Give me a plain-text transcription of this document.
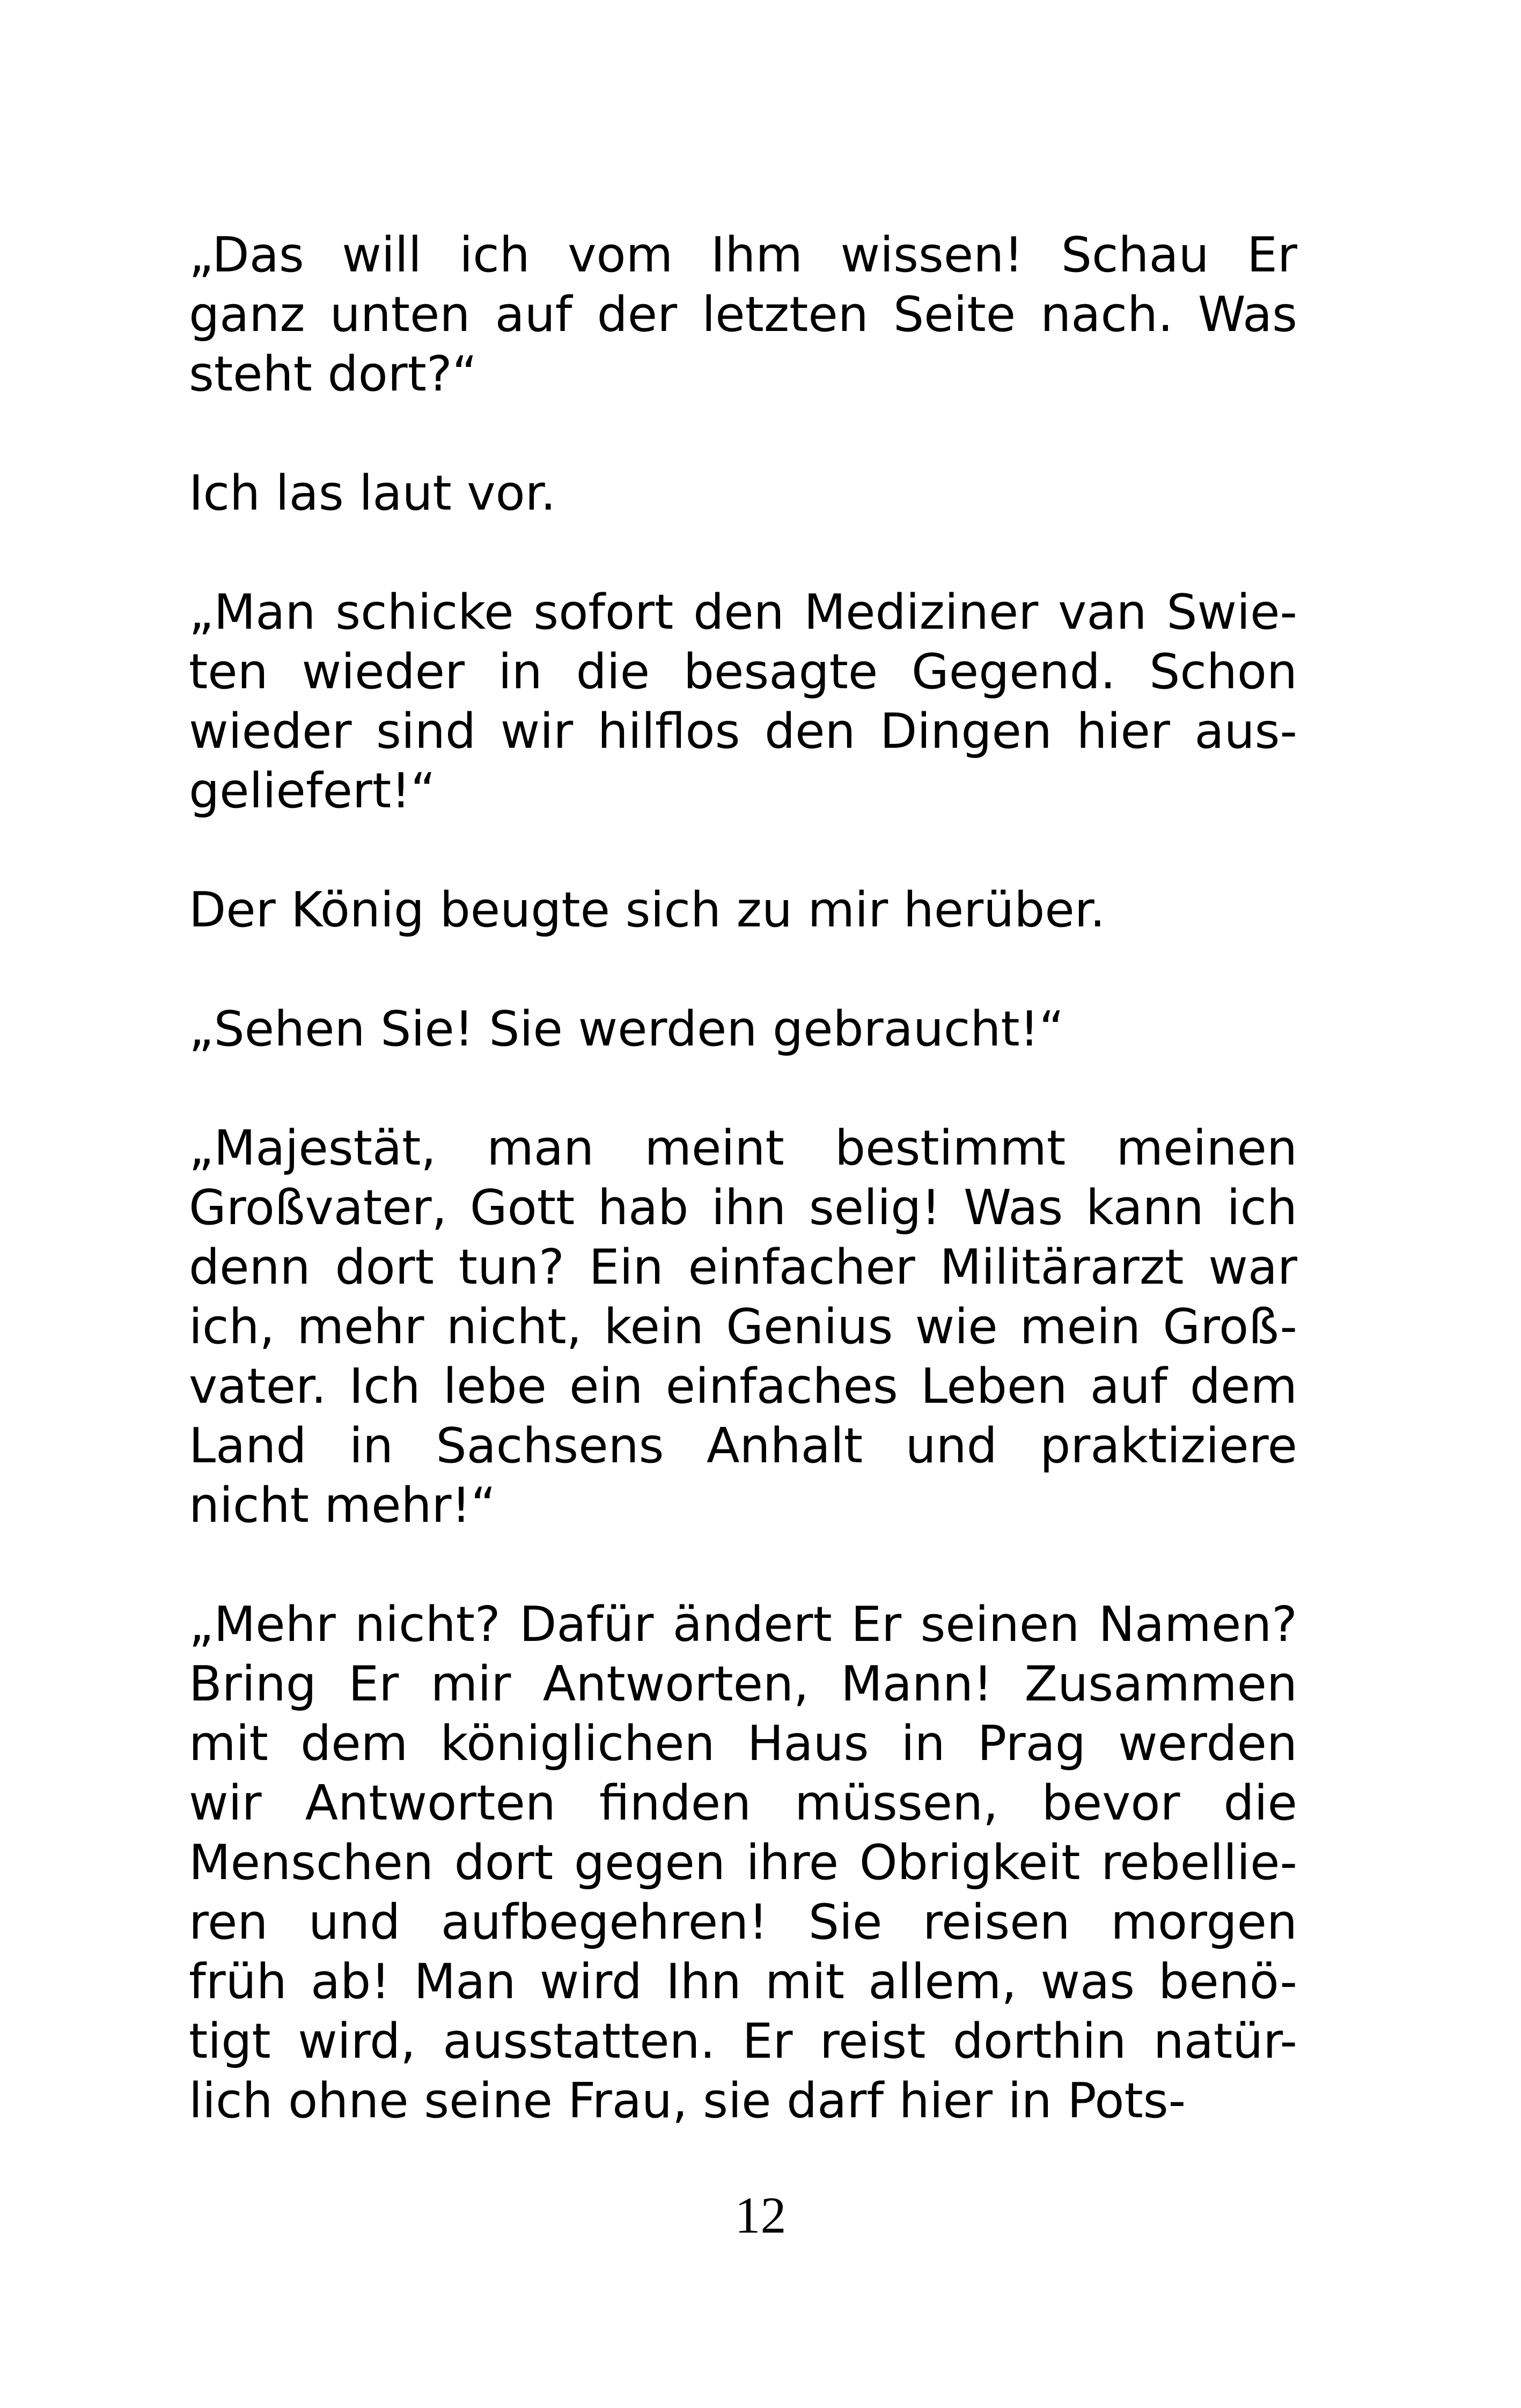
„Das will ich vom Ihm wissen! Schau Er
ganz unten auf der letzten Seite nach. Was
steht dort?“
Ich las laut vor.
„Man schicke sofort den Mediziner van Swie-
ten wieder in die besagte Gegend. Schon
wieder sind wir hilflos den Dingen hier aus-
geliefert!“
Der König beugte sich zu mir herüber.
„Sehen Sie! Sie werden gebraucht!“
„Majestät, man meint bestimmt meinen
Großvater, Gott hab ihn selig! Was kann ich
denn dort tun? Ein einfacher Militärarzt war
ich, mehr nicht, kein Genius wie mein Groß-
vater. Ich lebe ein einfaches Leben auf dem
Land in Sachsens Anhalt und praktiziere
nicht mehr!“
„Mehr nicht? Dafür ändert Er seinen Namen?
Bring Er mir Antworten, Mann! Zusammen
mit dem königlichen Haus in Prag werden
wir Antworten finden müssen, bevor die
Menschen dort gegen ihre Obrigkeit rebellie-
ren und aufbegehren! Sie reisen morgen
früh ab! Man wird Ihn mit allem, was benö-
tigt wird, ausstatten. Er reist dorthin natür-
lich ohne seine Frau, sie darf hier in Pots-
12
